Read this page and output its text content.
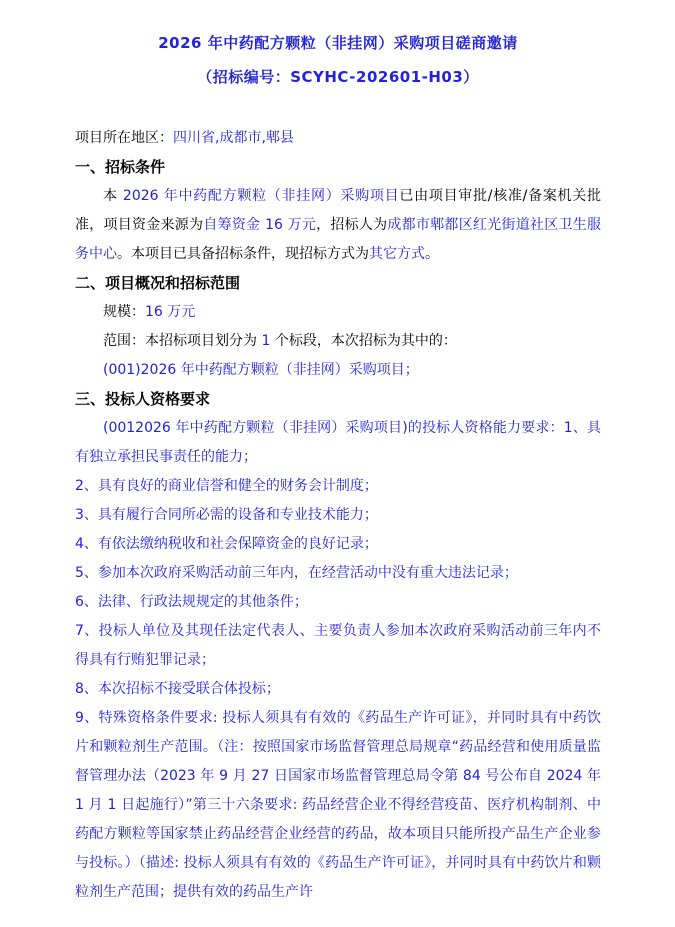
2026 年中药配方颗粒（非挂网）采购项目磋商邀请
（招标编号：SCYHC-202601-H03）
项目所在地区：四川省,成都市,郫县
一、招标条件
本 2026 年中药配方颗粒（非挂网）采购项目已由项目审批/核准/备案机关批准，项目资金来源为自筹资金 16 万元，招标人为成都市郫都区红光街道社区卫生服务中心。本项目已具备招标条件，现招标方式为其它方式。
二、项目概况和招标范围
规模：16 万元
范围：本招标项目划分为 1 个标段，本次招标为其中的：
(001)2026 年中药配方颗粒（非挂网）采购项目；
三、投标人资格要求
(0012026 年中药配方颗粒（非挂网）采购项目)的投标人资格能力要求：1、具有独立承担民事责任的能力；
2、具有良好的商业信誉和健全的财务会计制度；
3、具有履行合同所必需的设备和专业技术能力；
4、有依法缴纳税收和社会保障资金的良好记录；
5、参加本次政府采购活动前三年内，在经营活动中没有重大违法记录；
6、法律、行政法规规定的其他条件；
7、投标人单位及其现任法定代表人、主要负责人参加本次政府采购活动前三年内不得具有行贿犯罪记录；
8、本次招标不接受联合体投标；
9、特殊资格条件要求: 投标人须具有有效的《药品生产许可证》，并同时具有中药饮片和颗粒剂生产范围。（注：按照国家市场监督管理总局规章“药品经营和使用质量监督管理办法（2023 年 9 月 27 日国家市场监督管理总局令第 84 号公布自 2024 年 1 月 1 日起施行）”第三十六条要求: 药品经营企业不得经营疫苗、医疗机构制剂、中药配方颗粒等国家禁止药品经营企业经营的药品，故本项目只能所投产品生产企业参与投标。）（描述: 投标人须具有有效的《药品生产许可证》，并同时具有中药饮片和颗粒剂生产范围；提供有效的药品生产许
